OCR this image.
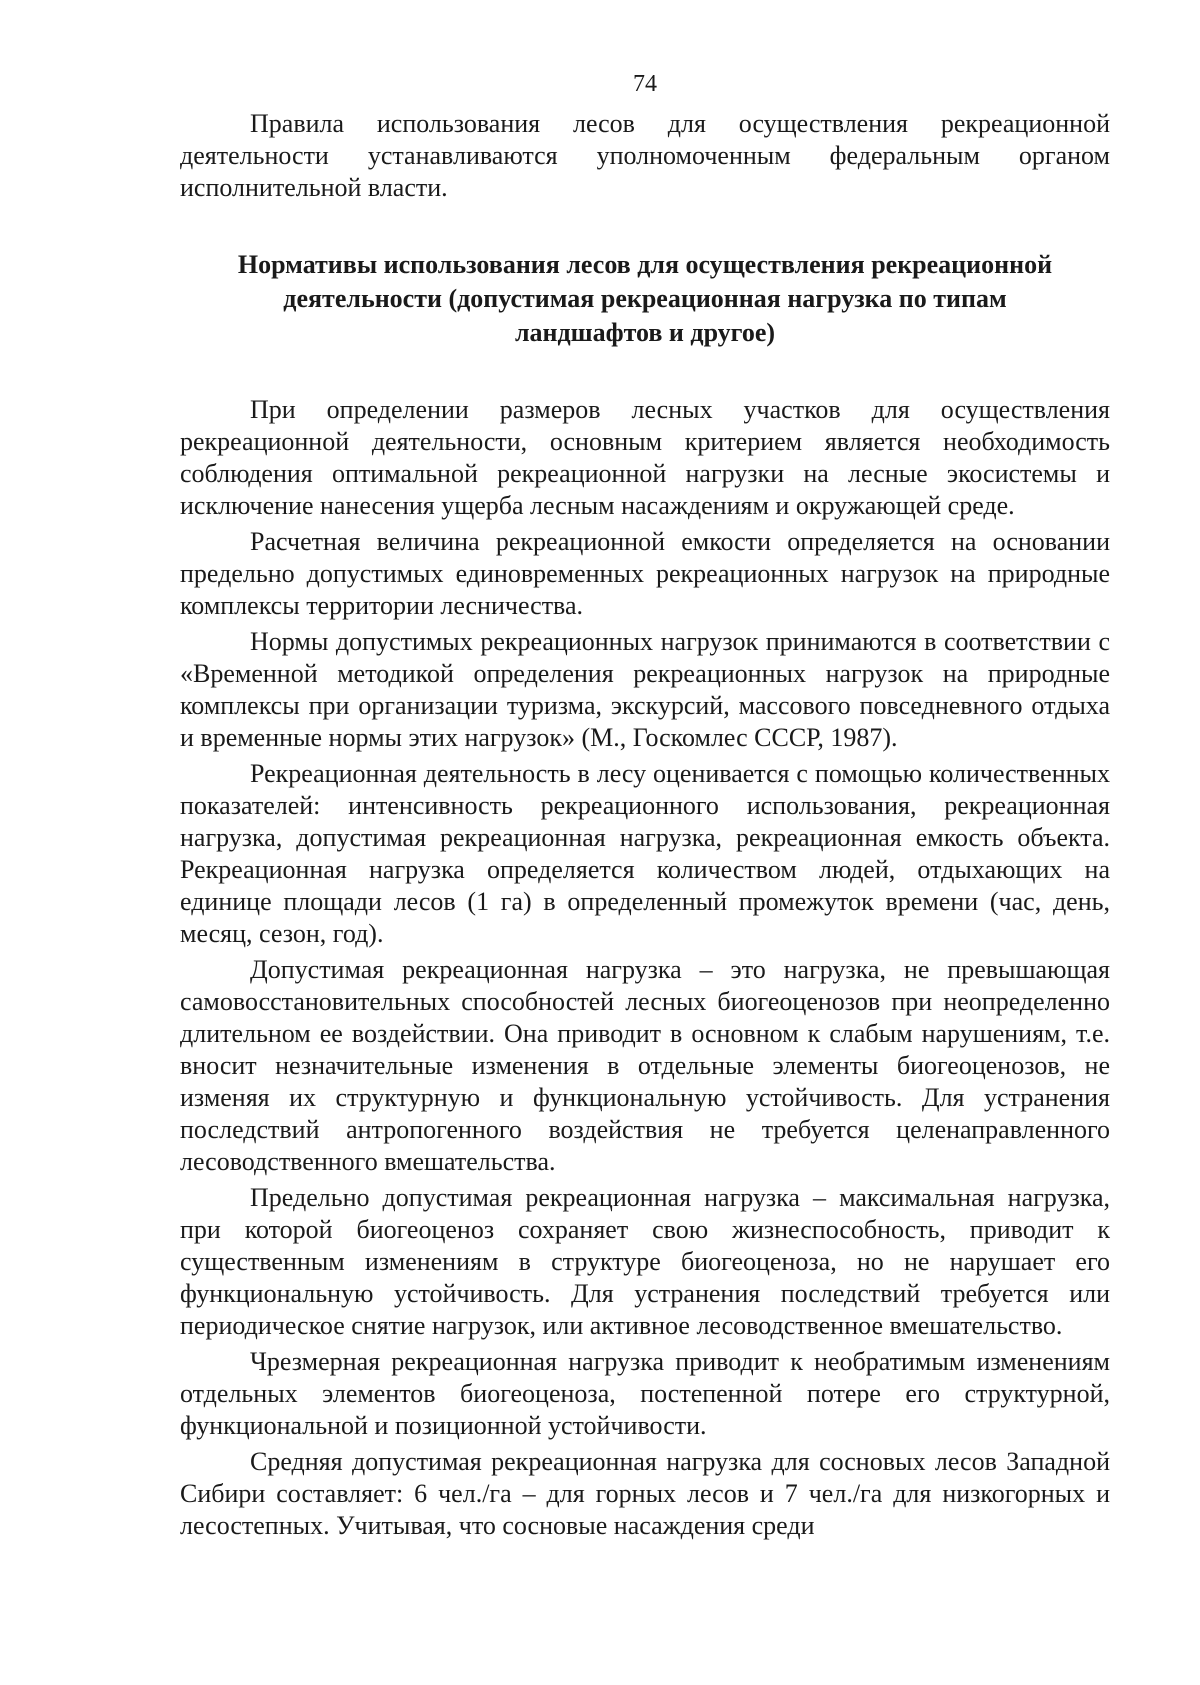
74

Правила использования лесов для осуществления рекреационной деятельности устанавливаются уполномоченным федеральным органом исполнительной власти.

Нормативы использования лесов для осуществления рекреационной деятельности (допустимая рекреационная нагрузка по типам ландшафтов и другое)

При определении размеров лесных участков для осуществления рекреационной деятельности, основным критерием является необходимость соблюдения оптимальной рекреационной нагрузки на лесные экосистемы и исключение нанесения ущерба лесным насаждениям и окружающей среде.

Расчетная величина рекреационной емкости определяется на основании предельно допустимых единовременных рекреационных нагрузок на природные комплексы территории лесничества.

Нормы допустимых рекреационных нагрузок принимаются в соответствии с «Временной методикой определения рекреационных нагрузок на природные комплексы при организации туризма, экскурсий, массового повседневного отдыха и временные нормы этих нагрузок» (М., Госкомлес СССР, 1987).

Рекреационная деятельность в лесу оценивается с помощью количественных показателей: интенсивность рекреационного использования, рекреационная нагрузка, допустимая рекреационная нагрузка, рекреационная емкость объекта. Рекреационная нагрузка определяется количеством людей, отдыхающих на единице площади лесов (1 га) в определенный промежуток времени (час, день, месяц, сезон, год).

Допустимая рекреационная нагрузка – это нагрузка, не превышающая самовосстановительных способностей лесных биогеоценозов при неопределенно длительном ее воздействии. Она приводит в основном к слабым нарушениям, т.е. вносит незначительные изменения в отдельные элементы биогеоценозов, не изменяя их структурную и функциональную устойчивость. Для устранения последствий антропогенного воздействия не требуется целенаправленного лесоводственного вмешательства.

Предельно допустимая рекреационная нагрузка – максимальная нагрузка, при которой биогеоценоз сохраняет свою жизнеспособность, приводит к существенным изменениям в структуре биогеоценоза, но не нарушает его функциональную устойчивость. Для устранения последствий требуется или периодическое снятие нагрузок, или активное лесоводственное вмешательство.

Чрезмерная рекреационная нагрузка приводит к необратимым изменениям отдельных элементов биогеоценоза, постепенной потере его структурной, функциональной и позиционной устойчивости.

Средняя допустимая рекреационная нагрузка для сосновых лесов Западной Сибири составляет: 6 чел./га – для горных лесов и 7 чел./га для низкогорных и лесостепных. Учитывая, что сосновые насаждения среди
